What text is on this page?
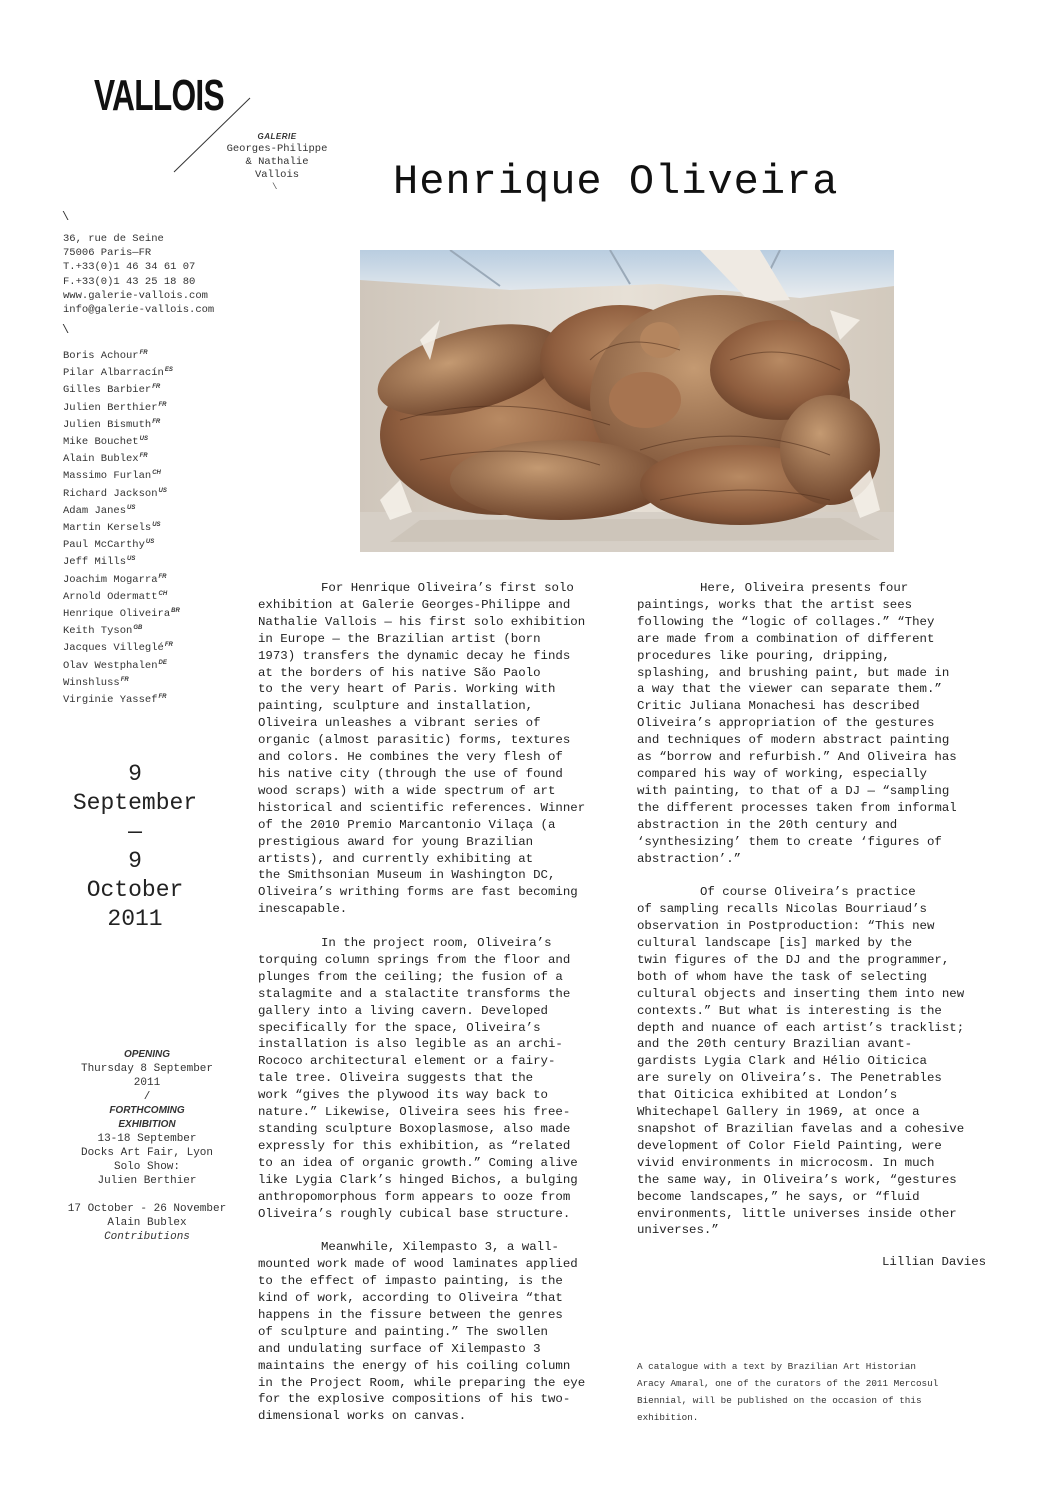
VALLOIS
GALERIE
Georges-Philippe
& Nathalie
Vallois
\	Henrique Oliveira
\
36, rue de Seine
75006 Paris—FR
T.+33(0)1 46 34 61 07
F.+33(0)1 43 25 18 80
www.galerie-vallois.com
info@galerie-vallois.com
\
Boris Achour$^{FR}$
Pilar Albarracín$^{ES}$
Gilles Barbier$^{FR}$
Julien Berthier$^{FR}$
Julien Bismuth$^{FR}$
Mike Bouchet$^{US}$
Alain Bublex$^{FR}$
Massimo Furlan$^{CH}$
Richard Jackson$^{US}$
Adam Janes$^{US}$
Martin Kersels$^{US}$
Paul McCarthy$^{US}$
Jeff Mills$^{US}$
Joachim Mogarra$^{FR}$
Arnold Odermatt$^{CH}$
Henrique Oliveira$^{BR}$
Keith Tyson$^{GB}$
Jacques Villeglé$^{FR}$
Olav Westphalen$^{DE}$
Winshluss$^{FR}$
Virginie Yassef$^{FR}$
9
September
—
9
October
2011
OPENING
Thursday 8 September
2011
/
FORTHCOMING
EXHIBITION
13-18 September
Docks Art Fair, Lyon
Solo Show:
Julien Berthier
17 October - 26 November
Alain Bublex
Contributions

For Henrique Oliveira’s first solo
exhibition at Galerie Georges-Philippe and
Nathalie Vallois — his first solo exhibition
in Europe — the Brazilian artist (born
1973) transfers the dynamic decay he finds
at the borders of his native São Paolo
to the very heart of Paris. Working with
painting, sculpture and installation,
Oliveira unleashes a vibrant series of
organic (almost parasitic) forms, textures
and colors. He combines the very flesh of
his native city (through the use of found
wood scraps) with a wide spectrum of art
historical and scientific references. Winner
of the 2010 Premio Marcantonio Vilaça (a
prestigious award for young Brazilian
artists), and currently exhibiting at
the Smithsonian Museum in Washington DC,
Oliveira’s writhing forms are fast becoming
inescapable.

In the project room, Oliveira’s
torquing column springs from the floor and
plunges from the ceiling; the fusion of a
stalagmite and a stalactite transforms the
gallery into a living cavern. Developed
specifically for the space, Oliveira’s
installation is also legible as an archi-
Rococo architectural element or a fairy-
tale tree. Oliveira suggests that the
work “gives the plywood its way back to
nature.” Likewise, Oliveira sees his free-
standing sculpture Boxoplasmose, also made
expressly for this exhibition, as “related
to an idea of organic growth.” Coming alive
like Lygia Clark’s hinged Bichos, a bulging
anthropomorphous form appears to ooze from
Oliveira’s roughly cubical base structure.

Meanwhile, Xilempasto 3, a wall-
mounted work made of wood laminates applied
to the effect of impasto painting, is the
kind of work, according to Oliveira “that
happens in the fissure between the genres
of sculpture and painting.” The swollen
and undulating surface of Xilempasto 3
maintains the energy of his coiling column
in the Project Room, while preparing the eye
for the explosive compositions of his two-
dimensional works on canvas.

Here, Oliveira presents four
paintings, works that the artist sees
following the “logic of collages.” “They
are made from a combination of different
procedures like pouring, dripping,
splashing, and brushing paint, but made in
a way that the viewer can separate them.”
Critic Juliana Monachesi has described
Oliveira’s appropriation of the gestures
and techniques of modern abstract painting
as “borrow and refurbish.” And Oliveira has
compared his way of working, especially
with painting, to that of a DJ — “sampling
the different processes taken from informal
abstraction in the 20th century and
‘synthesizing’ them to create ‘figures of
abstraction’.”

Of course Oliveira’s practice
of sampling recalls Nicolas Bourriaud’s
observation in Postproduction: “This new
cultural landscape [is] marked by the
twin figures of the DJ and the programmer,
both of whom have the task of selecting
cultural objects and inserting them into new
contexts.” But what is interesting is the
depth and nuance of each artist’s tracklist;
and the 20th century Brazilian avant-
gardists Lygia Clark and Hélio Oiticica
are surely on Oliveira’s. The Penetrables
that Oiticica exhibited at London’s
Whitechapel Gallery in 1969, at once a
snapshot of Brazilian favelas and a cohesive
development of Color Field Painting, were
vivid environments in microcosm. In much
the same way, in Oliveira’s work, “gestures
become landscapes,” he says, or “fluid
environments, little universes inside other
universes.”

Lillian Davies
A catalogue with a text by Brazilian Art Historian
Aracy Amaral, one of the curators of the 2011 Mercosul
Biennial, will be published on the occasion of this
exhibition.
